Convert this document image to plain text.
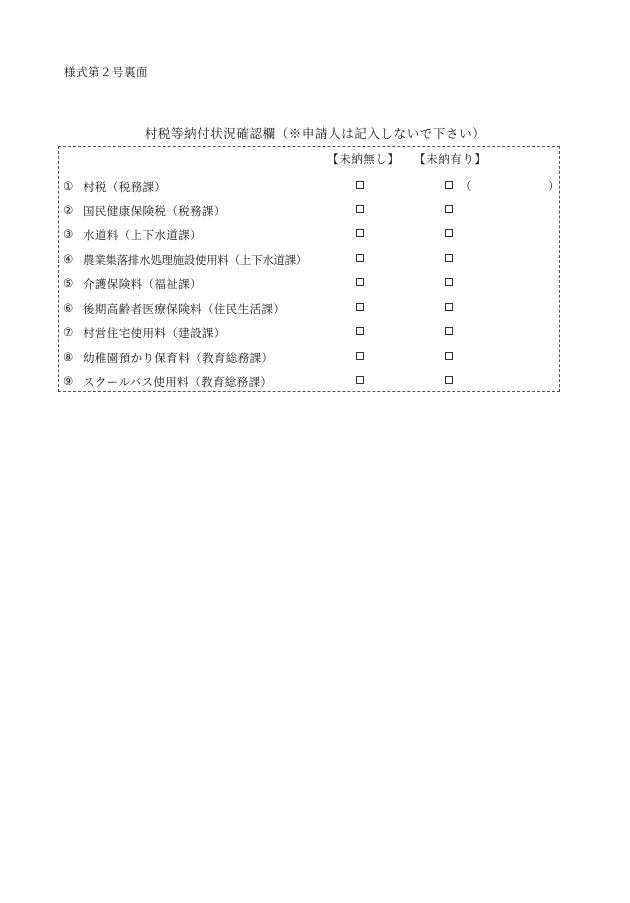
様式第２号裏面
村税等納付状況確認欄（※申請人は記入しないで下さい）
【未納無し】 【未納有り】
① 村税（税務課）	（	）
② 国民健康保険税（税務課）
③ 水道料（上下水道課）
④ 農業集落排水処理施設使用料（上下水道課）
⑤ 介護保険料（福祉課）
⑥ 後期高齢者医療保険料（住民生活課）
⑦ 村営住宅使用料（建設課）
⑧ 幼稚園預かり保育料（教育総務課）
⑨ スクールバス使用料（教育総務課）
